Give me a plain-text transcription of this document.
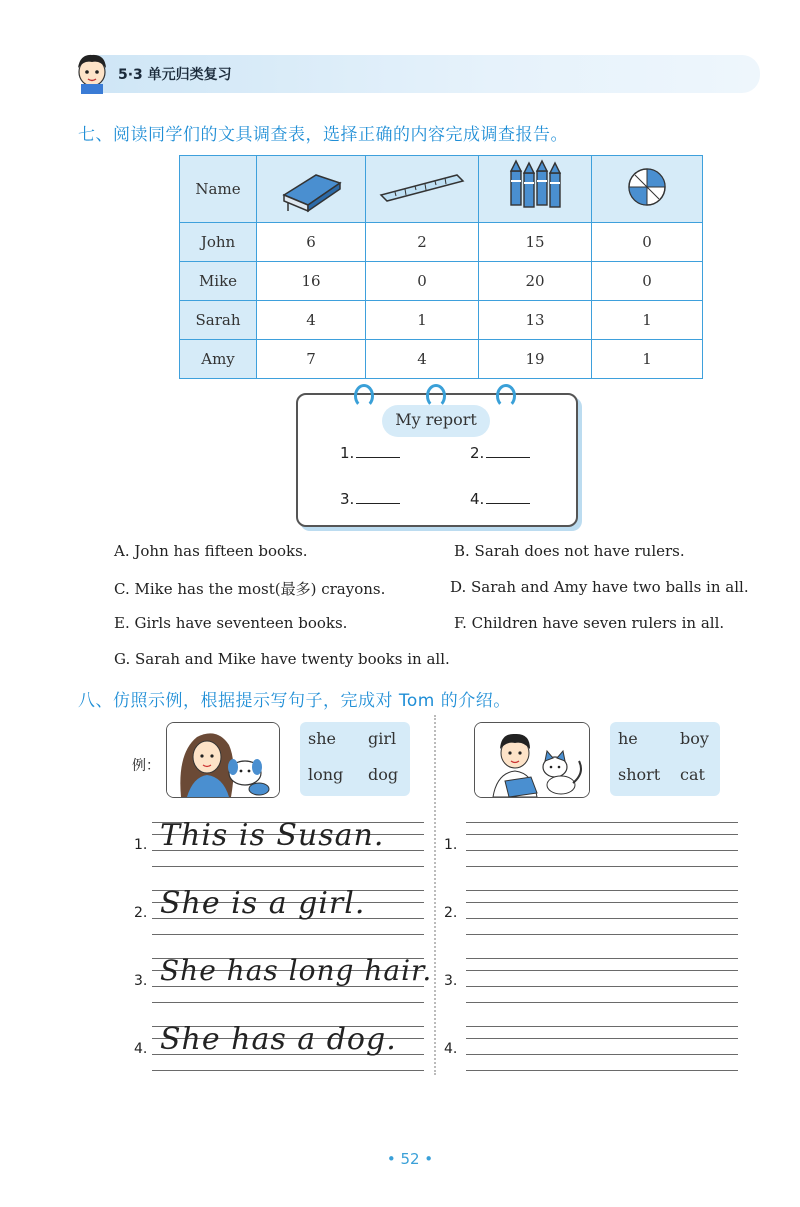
5·3 单元归类复习
七、阅读同学们的文具调查表，选择正确的内容完成调查报告。
Name				
John	6	2	15	0
Mike	16	0	20	0
Sarah	4	1	13	1
Amy	7	4	19	1
My report
1.	2.
3.	4.
A. John has fifteen books.	B. Sarah does not have rulers.
C. Mike has the most(最多) crayons.	D. Sarah and Amy have two balls in all.
E. Girls have seventeen books.	F. Children have seven rulers in all.
G. Sarah and Mike have twenty books in all.
八、仿照示例，根据提示写句子，完成对 Tom 的介绍。
例：
she girl
long dog
he	boy
short cat
1.
2.
3.
4.
This is Susan.
She is a girl.
She has long hair.
She has a dog.
1.
2.
3.
4.
• 52 •
